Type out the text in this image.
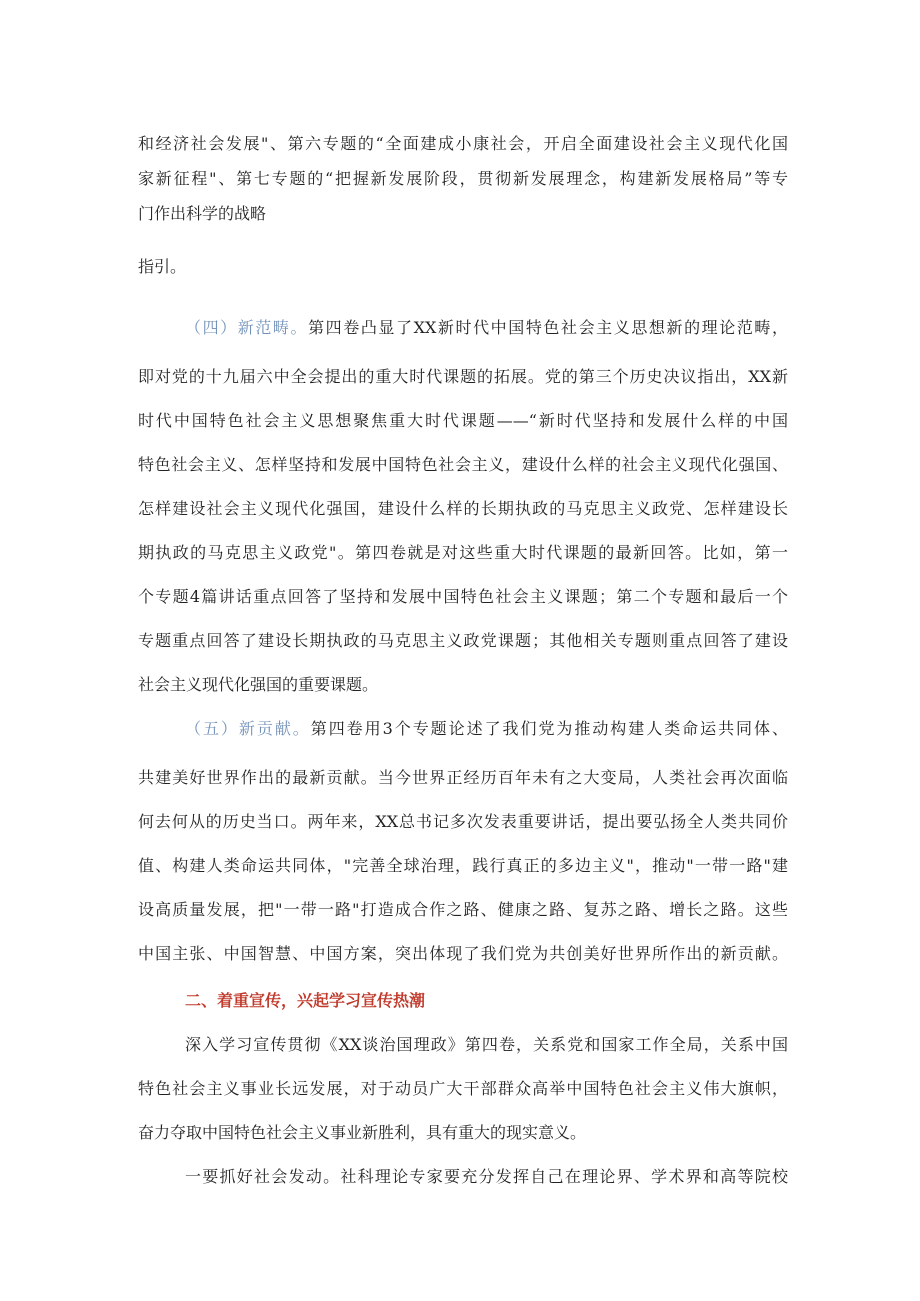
和经济社会发展"、第六专题的“全面建成小康社会，开启全面建设社会主义现代化国
家新征程"、第七专题的“把握新发展阶段，贯彻新发展理念，构建新发展格局”等专
门作出科学的战略
指引。
（四）新范畴。第四卷凸显了XX新时代中国特色社会主义思想新的理论范畴，
即对党的十九届六中全会提出的重大时代课题的拓展。党的第三个历史决议指出，XX新
时代中国特色社会主义思想聚焦重大时代课题——“新时代坚持和发展什么样的中国
特色社会主义、怎样坚持和发展中国特色社会主义，建设什么样的社会主义现代化强国、
怎样建设社会主义现代化强国，建设什么样的长期执政的马克思主义政党、怎样建设长
期执政的马克思主义政党"。第四卷就是对这些重大时代课题的最新回答。比如，第一
个专题4篇讲话重点回答了坚持和发展中国特色社会主义课题；第二个专题和最后一个
专题重点回答了建设长期执政的马克思主义政党课题；其他相关专题则重点回答了建设
社会主义现代化强国的重要课题。
（五）新贡献。第四卷用3个专题论述了我们党为推动构建人类命运共同体、
共建美好世界作出的最新贡献。当今世界正经历百年未有之大变局，人类社会再次面临
何去何从的历史当口。两年来，XX总书记多次发表重要讲话，提出要弘扬全人类共同价
值、构建人类命运共同体，"完善全球治理，践行真正的多边主义"，推动"一带一路"建
设高质量发展，把"一带一路"打造成合作之路、健康之路、复苏之路、增长之路。这些
中国主张、中国智慧、中国方案，突出体现了我们党为共创美好世界所作出的新贡献。
二、着重宣传，兴起学习宣传热潮
深入学习宣传贯彻《XX谈治国理政》第四卷，关系党和国家工作全局，关系中国
特色社会主义事业长远发展，对于动员广大干部群众高举中国特色社会主义伟大旗帜，
奋力夺取中国特色社会主义事业新胜利，具有重大的现实意义。
一要抓好社会发动。社科理论专家要充分发挥自己在理论界、学术界和高等院校
